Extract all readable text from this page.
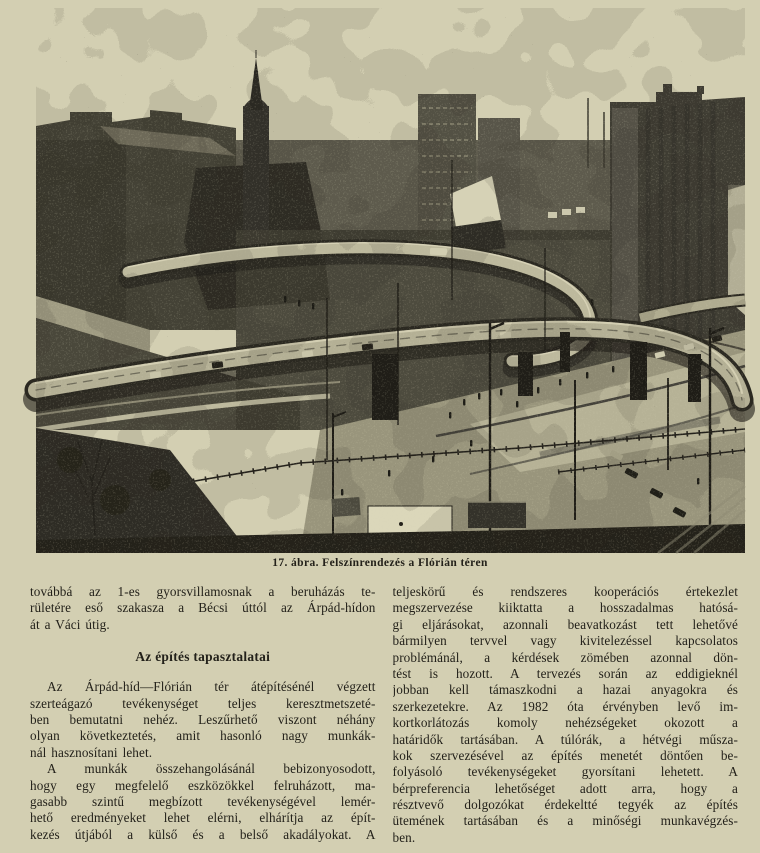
17. ábra. Felszínrendezés a Flórián téren
továbbá az 1-es gyorsvillamosnak a beruházás te-
rületére eső szakasza a Bécsi úttól az Árpád-hídon
át a Váci útig.
Az építés tapasztalatai
Az Árpád-híd—Flórián tér átépítésénél végzett
szerteágazó tevékenységet teljes keresztmetszeté-
ben bemutatni nehéz. Leszűrhető viszont néhány
olyan következtetés, amit hasonló nagy munkák-
nál hasznosítani lehet.
A munkák összehangolásánál bebizonyosodott,
hogy egy megfelelő eszközökkel felruházott, ma-
gasabb szintű megbízott tevékenységével lemér-
hető eredményeket lehet elérni, elhárítja az épít-
kezés útjából a külső és a belső akadályokat. A
teljeskörű és rendszeres kooperációs értekezlet
megszervezése kiiktatta a hosszadalmas hatósá-
gi eljárásokat, azonnali beavatkozást tett lehetővé
bármilyen tervvel vagy kivitelezéssel kapcsolatos
problémánál, a kérdések zömében azonnal dön-
tést is hozott. A tervezés során az eddigieknél
jobban kell támaszkodni a hazai anyagokra és
szerkezetekre. Az 1982 óta érvényben levő im-
kortkorlátozás komoly nehézségeket okozott a
határidők tartásában. A túlórák, a hétvégi műsza-
kok szervezésével az építés menetét döntően be-
folyásoló tevékenységeket gyorsítani lehetett. A
bérpreferencia lehetőséget adott arra, hogy a
résztvevő dolgozókat érdekeltté tegyék az építés
ütemének tartásában és a minőségi munkavégzés-
ben.
